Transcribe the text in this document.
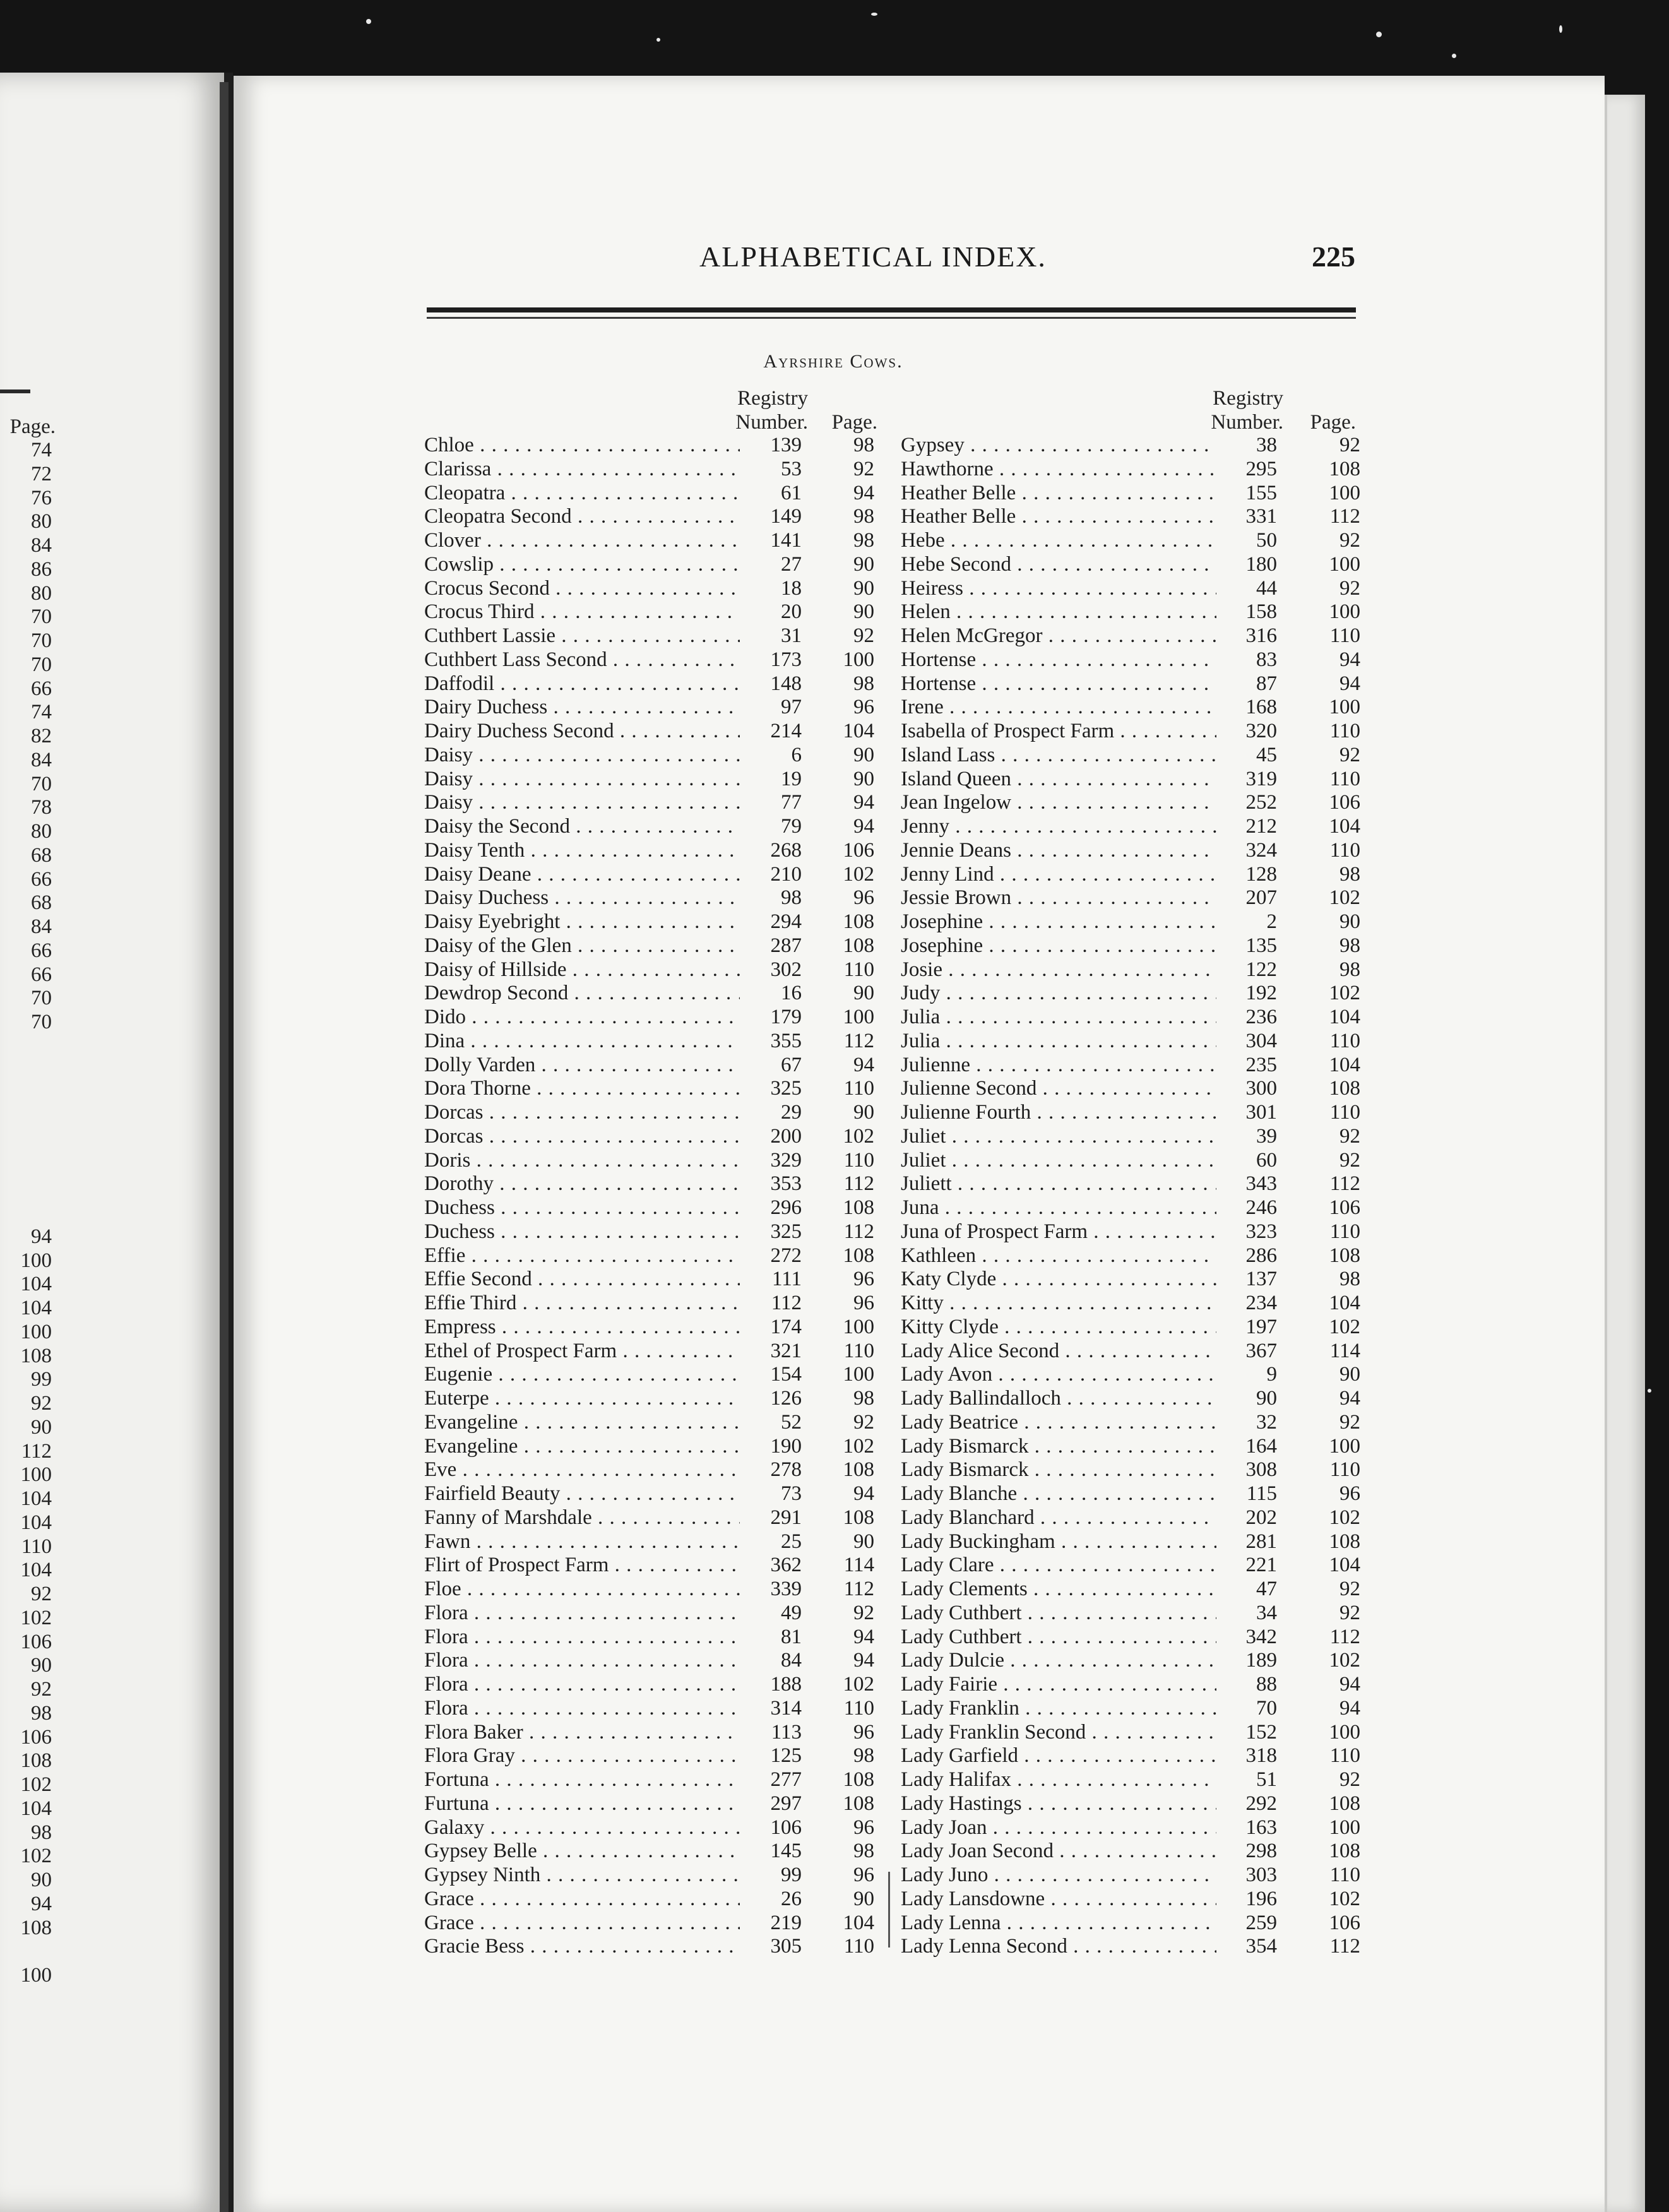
Page.
74
72
76
80
84
86
80
70
70
70
66
74
82
84
70
78
80
68
66
68
84
66
66
70
70
94
100
104
104
100
108
99
92
90
112
100
104
104
110
104
92
102
106
90
92
98
106
108
102
104
98
102
90
94
108
100
ALPHABETICAL INDEX.	225
Ayrshire Cows.
Registry
Number.	Page.
Registry
Number.	Page.
Chloe . . .	139	98
Clarissa . . .	53	92
Cleopatra . . .	61	94
Cleopatra Second . . .	149	98
Clover . . .	141	98
Cowslip . . .	27	90
Crocus Second . . .	18	90
Crocus Third . . .	20	90
Cuthbert Lassie . . .	31	92
Cuthbert Lass Second . . .	173	100
Daffodil . . .	148	98
Dairy Duchess . . .	97	96
Dairy Duchess Second . . .	214	104
Daisy . . .	6	90
Daisy . . .	19	90
Daisy . . .	77	94
Daisy the Second . . .	79	94
Daisy Tenth . . .	268	106
Daisy Deane . . .	210	102
Daisy Duchess . . .	98	96
Daisy Eyebright . . .	294	108
Daisy of the Glen . . .	287	108
Daisy of Hillside . . .	302	110
Dewdrop Second . . .	16	90
Dido . . .	179	100
Dina . . .	355	112
Dolly Varden . . .	67	94
Dora Thorne . . .	325	110
Dorcas . . .	29	90
Dorcas . . .	200	102
Doris . . .	329	110
Dorothy . . .	353	112
Duchess . . .	296	108
Duchess . . .	325	112
Effie . . .	272	108
Effie Second . . .	111	96
Effie Third . . .	112	96
Empress . . .	174	100
Ethel of Prospect Farm . . .	321	110
Eugenie . . .	154	100
Euterpe . . .	126	98
Evangeline . . .	52	92
Evangeline . . .	190	102
Eve . . .	278	108
Fairfield Beauty . . .	73	94
Fanny of Marshdale . . .	291	108
Fawn . . .	25	90
Flirt of Prospect Farm . . .	362	114
Floe . . .	339	112
Flora . . .	49	92
Flora . . .	81	94
Flora . . .	84	94
Flora . . .	188	102
Flora . . .	314	110
Flora Baker . . .	113	96
Flora Gray . . .	125	98
Fortuna . . .	277	108
Furtuna . . .	297	108
Galaxy . . .	106	96
Gypsey Belle . . .	145	98
Gypsey Ninth . . .	99	96
Grace . . .	26	90
Grace . . .	219	104
Gracie Bess . . .	305	110
Gypsey . . .	38	92
Hawthorne . . .	295	108
Heather Belle . . .	155	100
Heather Belle . . .	331	112
Hebe . . .	50	92
Hebe Second . . .	180	100
Heiress . . .	44	92
Helen . . .	158	100
Helen McGregor . . .	316	110
Hortense . . .	83	94
Hortense . . .	87	94
Irene . . .	168	100
Isabella of Prospect Farm . . .	320	110
Island Lass . . .	45	92
Island Queen . . .	319	110
Jean Ingelow . . .	252	106
Jenny . . .	212	104
Jennie Deans . . .	324	110
Jenny Lind . . .	128	98
Jessie Brown . . .	207	102
Josephine . . .	2	90
Josephine . . .	135	98
Josie . . .	122	98
Judy . . .	192	102
Julia . . .	236	104
Julia . . .	304	110
Julienne . . .	235	104
Julienne Second . . .	300	108
Julienne Fourth . . .	301	110
Juliet . . .	39	92
Juliet . . .	60	92
Juliett . . .	343	112
Juna . . .	246	106
Juna of Prospect Farm . . .	323	110
Kathleen . . .	286	108
Katy Clyde . . .	137	98
Kitty . . .	234	104
Kitty Clyde . . .	197	102
Lady Alice Second . . .	367	114
Lady Avon . . .	9	90
Lady Ballindalloch . . .	90	94
Lady Beatrice . . .	32	92
Lady Bismarck . . .	164	100
Lady Bismarck . . .	308	110
Lady Blanche . . .	115	96
Lady Blanchard . . .	202	102
Lady Buckingham . . .	281	108
Lady Clare . . .	221	104
Lady Clements . . .	47	92
Lady Cuthbert . . .	34	92
Lady Cuthbert . . .	342	112
Lady Dulcie . . .	189	102
Lady Fairie . . .	88	94
Lady Franklin . . .	70	94
Lady Franklin Second . . .	152	100
Lady Garfield . . .	318	110
Lady Halifax . . .	51	92
Lady Hastings . . .	292	108
Lady Joan . . .	163	100
Lady Joan Second . . .	298	108
Lady Juno . . .	303	110
Lady Lansdowne . . .	196	102
Lady Lenna . . .	259	106
Lady Lenna Second . . .	354	112
